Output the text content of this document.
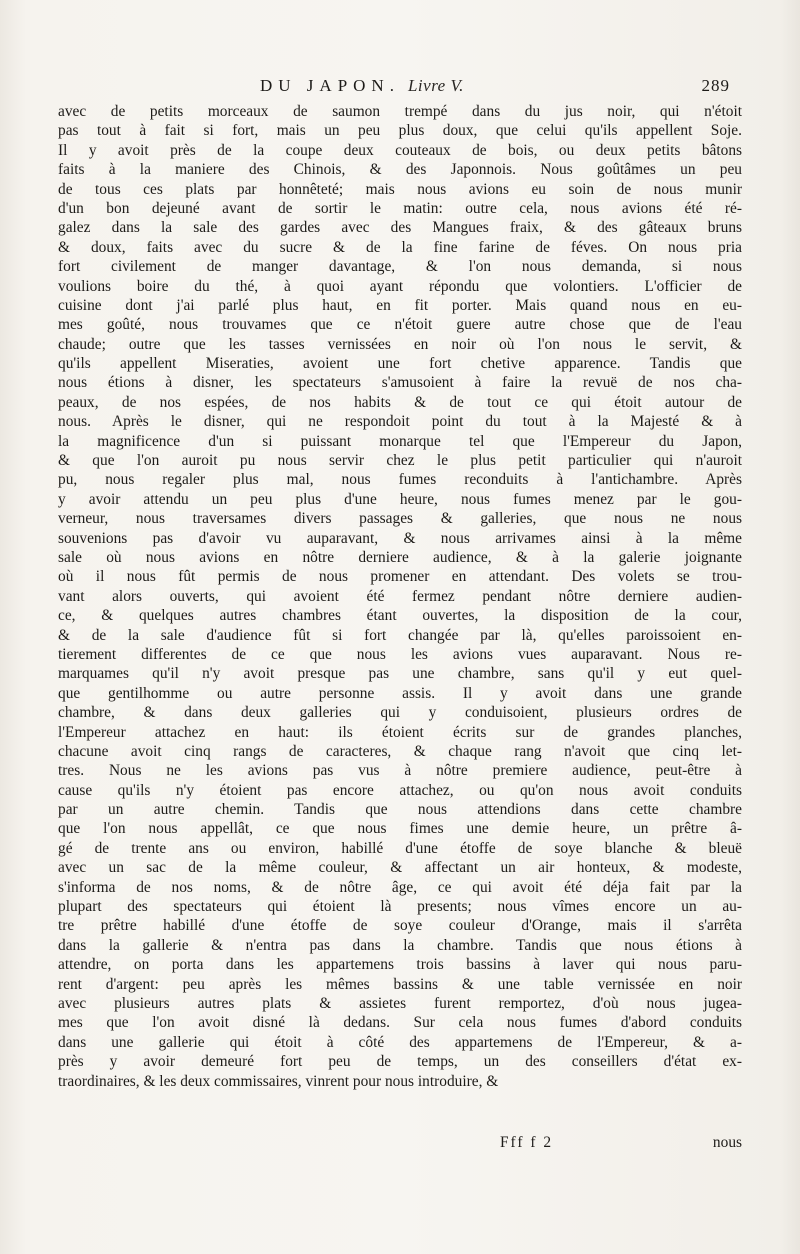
DU JAPON. Livre V.	289
avec de petits morceaux de saumon trempé dans du jus noir, qui n'étoit
pas tout à fait si fort, mais un peu plus doux, que celui qu'ils appellent Soje.
Il y avoit près de la coupe deux couteaux de bois, ou deux petits bâtons
faits à la maniere des Chinois, & des Japonnois. Nous goûtâmes un peu
de tous ces plats par honnêteté; mais nous avions eu soin de nous munir
d'un bon dejeuné avant de sortir le matin: outre cela, nous avions été ré-
galez dans la sale des gardes avec des Mangues fraix, & des gâteaux bruns
& doux, faits avec du sucre & de la fine farine de féves. On nous pria
fort civilement de manger davantage, & l'on nous demanda, si nous
voulions boire du thé, à quoi ayant répondu que volontiers. L'officier de
cuisine dont j'ai parlé plus haut, en fit porter. Mais quand nous en eu-
mes goûté, nous trouvames que ce n'étoit guere autre chose que de l'eau
chaude; outre que les tasses vernissées en noir où l'on nous le servit, &
qu'ils appellent Miseraties, avoient une fort chetive apparence. Tandis que
nous étions à disner, les spectateurs s'amusoient à faire la revuë de nos cha-
peaux, de nos espées, de nos habits & de tout ce qui étoit autour de
nous. Après le disner, qui ne respondoit point du tout à la Majesté & à
la magnificence d'un si puissant monarque tel que l'Empereur du Japon,
& que l'on auroit pu nous servir chez le plus petit particulier qui n'auroit
pu, nous regaler plus mal, nous fumes reconduits à l'antichambre. Après
y avoir attendu un peu plus d'une heure, nous fumes menez par le gou-
verneur, nous traversames divers passages & galleries, que nous ne nous
souvenions pas d'avoir vu auparavant, & nous arrivames ainsi à la même
sale où nous avions en nôtre derniere audience, & à la galerie joignante
où il nous fût permis de nous promener en attendant. Des volets se trou-
vant alors ouverts, qui avoient été fermez pendant nôtre derniere audien-
ce, & quelques autres chambres étant ouvertes, la disposition de la cour,
& de la sale d'audience fût si fort changée par là, qu'elles paroissoient en-
tierement differentes de ce que nous les avions vues auparavant. Nous re-
marquames qu'il n'y avoit presque pas une chambre, sans qu'il y eut quel-
que gentilhomme ou autre personne assis. Il y avoit dans une grande
chambre, & dans deux galleries qui y conduisoient, plusieurs ordres de
l'Empereur attachez en haut: ils étoient écrits sur de grandes planches,
chacune avoit cinq rangs de caracteres, & chaque rang n'avoit que cinq let-
tres. Nous ne les avions pas vus à nôtre premiere audience, peut-être à
cause qu'ils n'y étoient pas encore attachez, ou qu'on nous avoit conduits
par un autre chemin. Tandis que nous attendions dans cette chambre
que l'on nous appellât, ce que nous fimes une demie heure, un prêtre â-
gé de trente ans ou environ, habillé d'une étoffe de soye blanche & bleuë
avec un sac de la même couleur, & affectant un air honteux, & modeste,
s'informa de nos noms, & de nôtre âge, ce qui avoit été déja fait par la
plupart des spectateurs qui étoient là presents; nous vîmes encore un au-
tre prêtre habillé d'une étoffe de soye couleur d'Orange, mais il s'arrêta
dans la gallerie & n'entra pas dans la chambre. Tandis que nous étions à
attendre, on porta dans les appartemens trois bassins à laver qui nous paru-
rent d'argent: peu après les mêmes bassins & une table vernissée en noir
avec plusieurs autres plats & assietes furent remportez, d'où nous jugea-
mes que l'on avoit disné là dedans. Sur cela nous fumes d'abord conduits
dans une gallerie qui étoit à côté des appartemens de l'Empereur, & a-
près y avoir demeuré fort peu de temps, un des conseillers d'état ex-
traordinaires, & les deux commissaires, vinrent pour nous introduire, &
Fff f 2	nous
